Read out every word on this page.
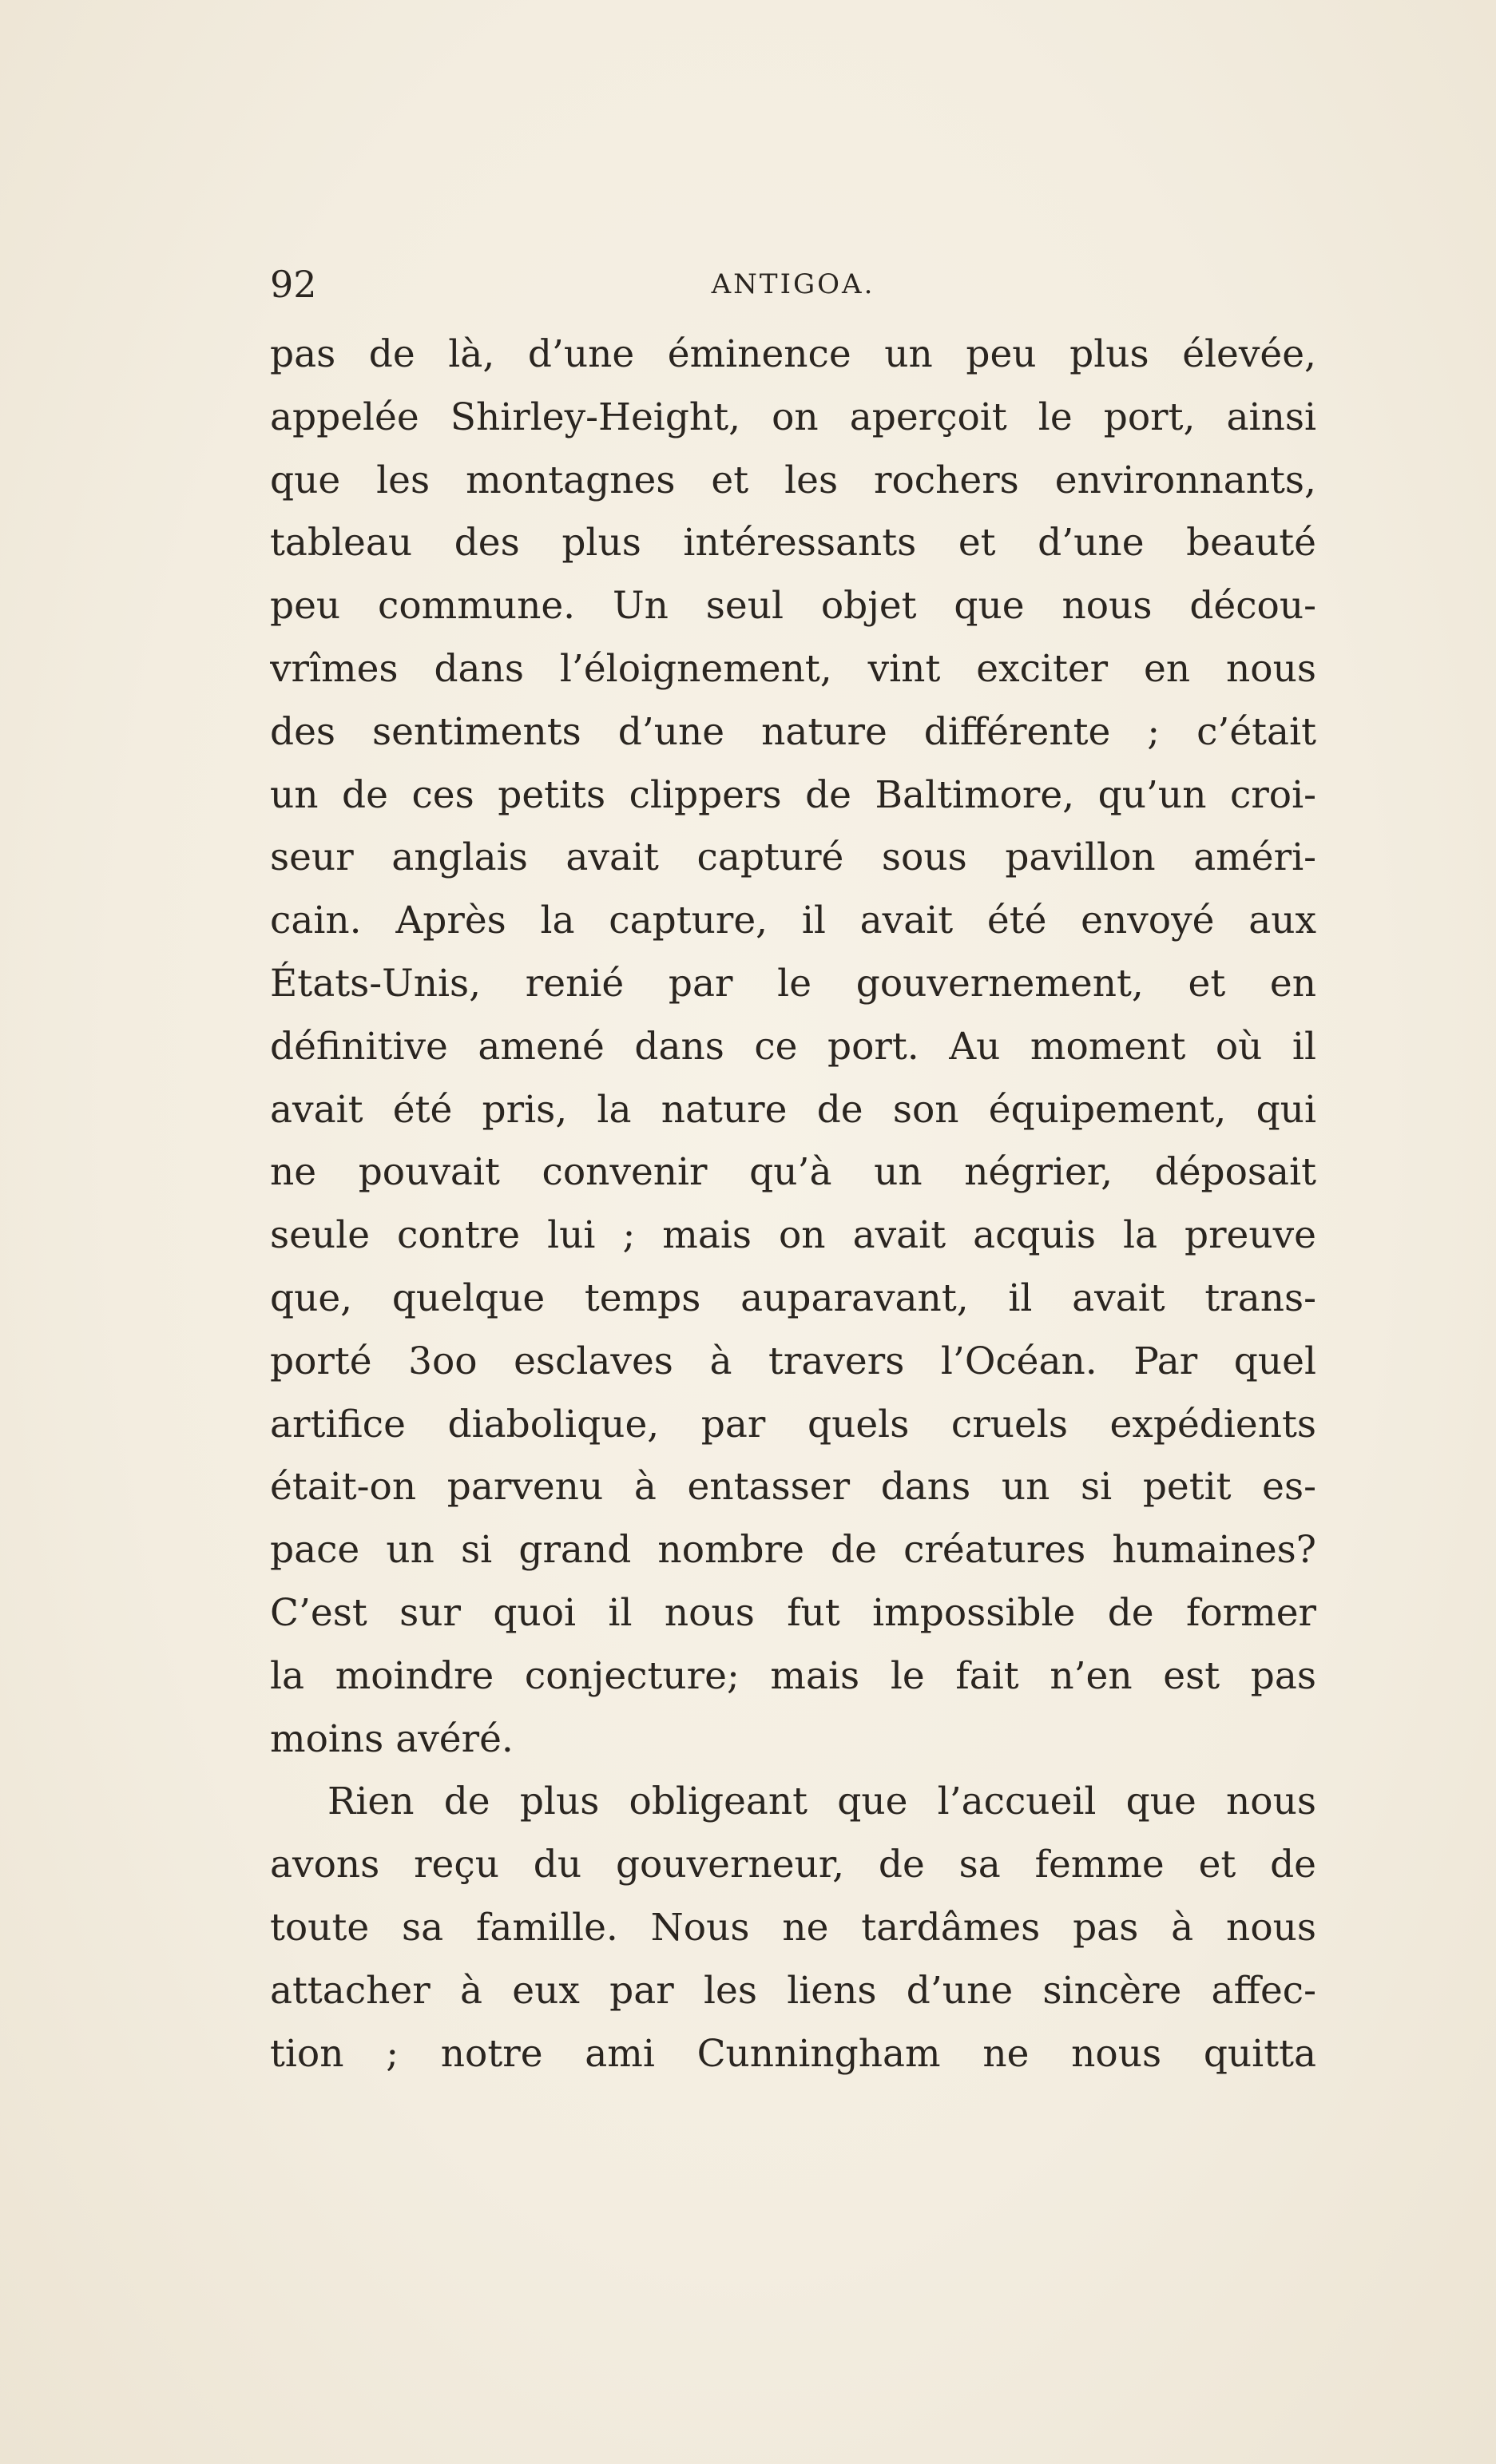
92	ANTIGOA.
pas de là, d’une éminence un peu plus élevée,
appelée Shirley-Height, on aperçoit le port, ainsi
que les montagnes et les rochers environnants,
tableau des plus intéressants et d’une beauté
peu commune. Un seul objet que nous décou-
vrîmes dans l’éloignement, vint exciter en nous
des sentiments d’une nature différente ; c’était
un de ces petits clippers de Baltimore, qu’un croi-
seur anglais avait capturé sous pavillon améri-
cain. Après la capture, il avait été envoyé aux
États-Unis, renié par le gouvernement, et en
définitive amené dans ce port. Au moment où il
avait été pris, la nature de son équipement, qui
ne pouvait convenir qu’à un négrier, déposait
seule contre lui ; mais on avait acquis la preuve
que, quelque temps auparavant, il avait trans-
porté 3oo esclaves à travers l’Océan. Par quel
artifice diabolique, par quels cruels expédients
était-on parvenu à entasser dans un si petit es-
pace un si grand nombre de créatures humaines?
C’est sur quoi il nous fut impossible de former
la moindre conjecture; mais le fait n’en est pas
moins avéré.
Rien de plus obligeant que l’accueil que nous
avons reçu du gouverneur, de sa femme et de
toute sa famille. Nous ne tardâmes pas à nous
attacher à eux par les liens d’une sincère affec-
tion ; notre ami Cunningham ne nous quitta
